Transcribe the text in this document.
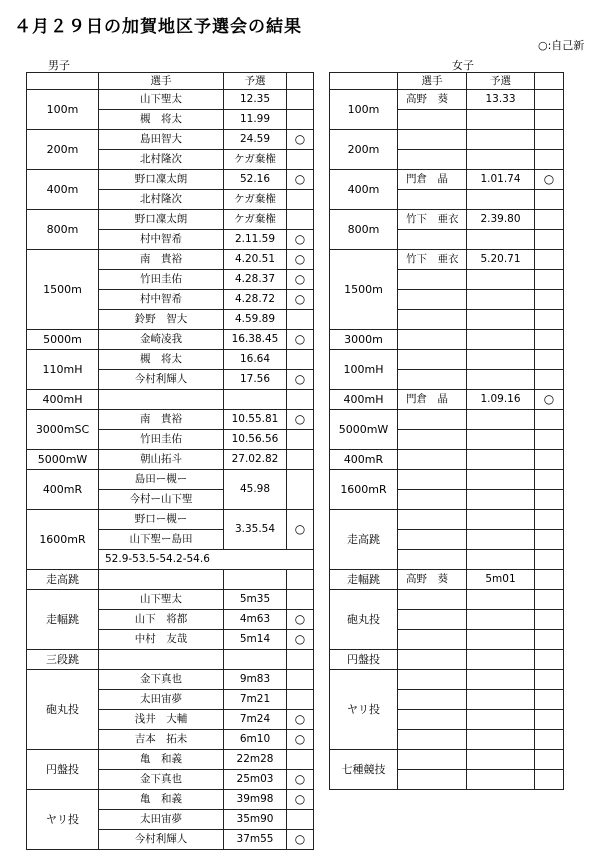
４月２９日の加賀地区予選会の結果
○:自己新
男子	女子
	選手	予選	
100m	山下聖太	12.35	
	槻　将太	11.99	
200m	島田智大	24.59	○
	北村隆次	ケガ棄権	
400m	野口凜太朗	52.16	○
	北村隆次	ケガ棄権	
800m	野口凜太朗	ケガ棄権	
	村中智希	2.11.59	○
1500m	南　貴裕	4.20.51	○
	竹田圭佑	4.28.37	○
	村中智希	4.28.72	○
	鈴野　智大	4.59.89	
5000m	金崎凌我	16.38.45	○
110mH	槻　将太	16.64	
	今村利輝人	17.56	○
400mH			
3000mSC	南　貴裕	10.55.81	○
	竹田圭佑	10.56.56	
5000mW	朝山拓斗	27.02.82	
400mR	島田ー槻ー	45.98	
	今村ー山下聖		
1600mR	野口ー槻ー	3.35.54	○
	山下聖ー島田		
	52.9-53.5-54.2-54.6		
走高跳			
走幅跳	山下聖太	5m35	
	山下　将都	4m63	○
	中村　友哉	5m14	○
三段跳			
砲丸投	金下真也	9m83	
	太田宙夢	7m21	
	浅井　大輔	7m24	○
	吉本　拓未	6m10	○
円盤投	亀　和義	22m28	
	金下真也	25m03	○
ヤリ投	亀　和義	39m98	○
	太田宙夢	35m90	
	今村利輝人	37m55	○
	選手	予選	
100m	高野　葵	13.33	

200m			

400m	門倉　晶	1.01.74	○

800m	竹下　亜衣	2.39.80	

1500m	竹下　亜衣	5.20.71	

3000m			
100mH			

400mH	門倉　晶	1.09.16	○
5000mW			

400mR			
1600mR			

走高跳			

走幅跳	高野　葵	5m01	
砲丸投			

円盤投			
ヤリ投			

七種競技			
